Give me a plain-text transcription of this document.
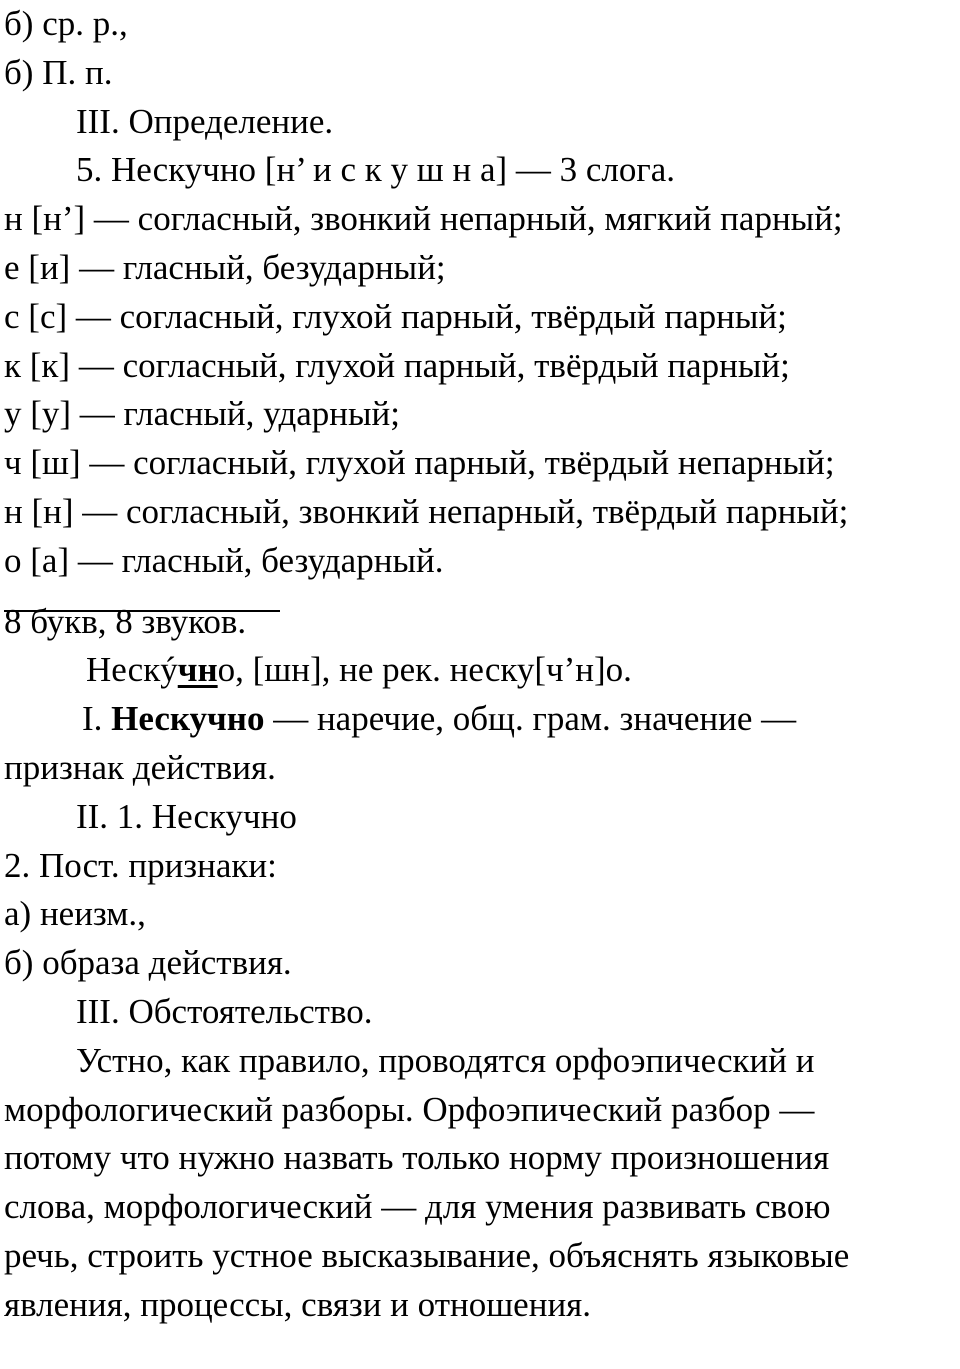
б) ср. р.,
б) П. п.
III. Определение.
5. Нескучно [н’ и с к у ш н а] — 3 слога.
н [н’] — согласный, звонкий непарный, мягкий парный;
е [и] — гласный, безударный;
с [с] — согласный, глухой парный, твёрдый парный;
к [к] — согласный, глухой парный, твёрдый парный;
у [у] — гласный, ударный;
ч [ш] — согласный, глухой парный, твёрдый непарный;
н [н] — согласный, звонкий непарный, твёрдый парный;
о [а] — гласный, безударный.
8 букв, 8 звуков.
Нескýчно, [шн], не рек. неску[ч’н]о.
I. Нескучно — наречие, общ. грам. значение —
признак действия.
II. 1. Нескучно
2. Пост. признаки:
а) неизм.,
б) образа действия.
III. Обстоятельство.
Устно, как правило, проводятся орфоэпический и
морфологический разборы. Орфоэпический разбор —
потому что нужно назвать только норму произношения
слова, морфологический — для умения развивать свою
речь, строить устное высказывание, объяснять языковые
явления, процессы, связи и отношения.
